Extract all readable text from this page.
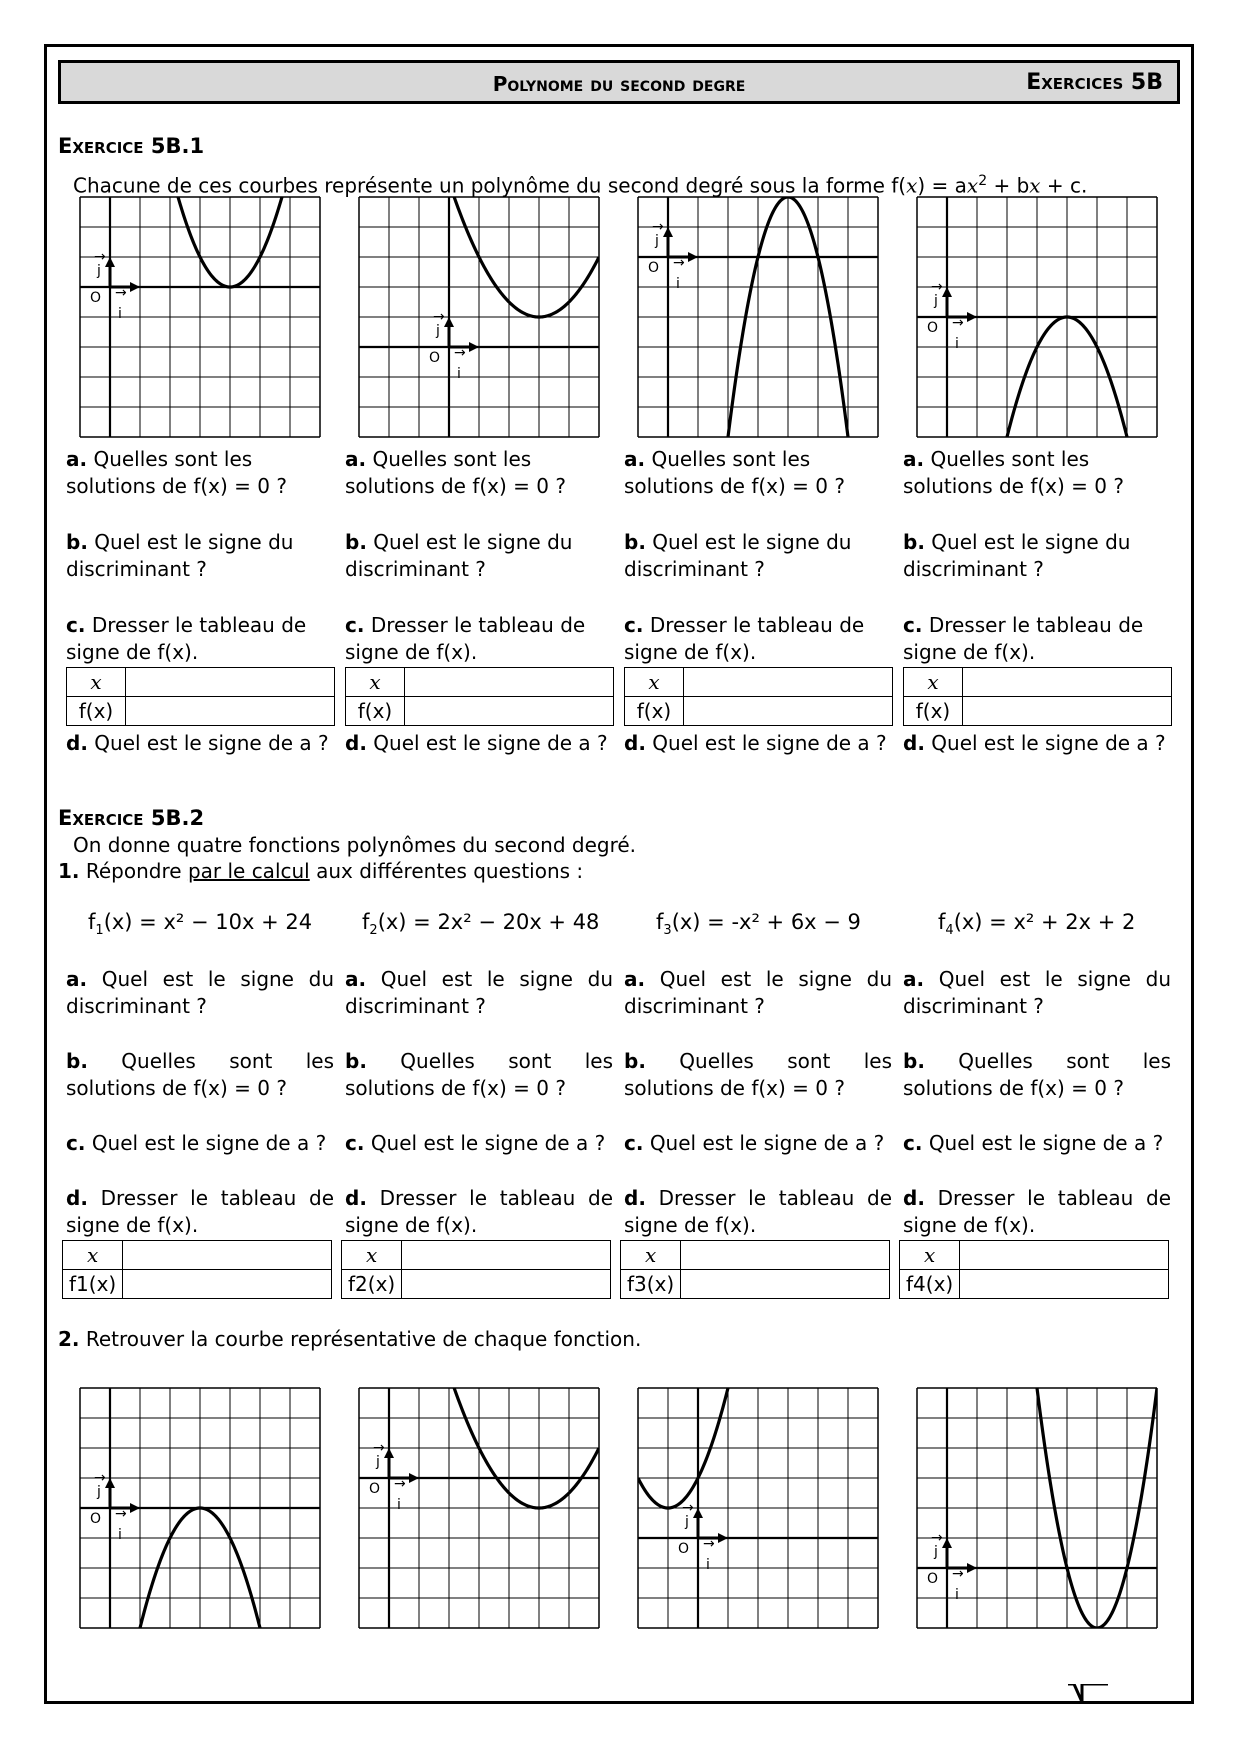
Polynome du second degre	Exercices 5B
Exercice 5B.1
Chacune de ces courbes représente un polynôme du second degré sous la forme $f(x) = ax^2$ + bx + c.
O →
i
→
j
O →
i
→
j
O →
i
→
j
O →
i
→
j
a. Quelles sont les
solutions de f(x) = 0 ?
b. Quel est le signe du
discriminant ?
c. Dresser le tableau de
signe de f(x).
x	
f(x)	
d. Quel est le signe de a ?
a. Quelles sont les
solutions de f(x) = 0 ?
b. Quel est le signe du
discriminant ?
c. Dresser le tableau de
signe de f(x).
x	
f(x)	
d. Quel est le signe de a ?
a. Quelles sont les
solutions de f(x) = 0 ?
b. Quel est le signe du
discriminant ?
c. Dresser le tableau de
signe de f(x).
x	
f(x)	
d. Quel est le signe de a ?
a. Quelles sont les
solutions de f(x) = 0 ?
b. Quel est le signe du
discriminant ?
c. Dresser le tableau de
signe de f(x).
x	
f(x)	
d. Quel est le signe de a ?
Exercice 5B.2
On donne quatre fonctions polynômes du second degré.
1. Répondre par le calcul aux différentes questions :
$f_1(x) = x^2 - 10x + 24$ $f_2(x) = 2x^2 - 20x + 48$	$f_3(x) = -x^2 + 6x - 9$	$f_4(x) = x^2 + 2x + 2$
a. Quel est le signe du
discriminant ?
b. Quelles sont les
solutions de f(x) = 0 ?
c. Quel est le signe de a ?
d. Dresser le tableau de
signe de f(x).
x	
f1(x)	
a. Quel est le signe du
discriminant ?
b. Quelles sont les
solutions de f(x) = 0 ?
c. Quel est le signe de a ?
d. Dresser le tableau de
signe de f(x).
x	
f2(x)	
a. Quel est le signe du
discriminant ?
b. Quelles sont les
solutions de f(x) = 0 ?
c. Quel est le signe de a ?
d. Dresser le tableau de
signe de f(x).
x	
f3(x)	
a. Quel est le signe du
discriminant ?
b. Quelles sont les
solutions de f(x) = 0 ?
c. Quel est le signe de a ?
d. Dresser le tableau de
signe de f(x).
x	
f4(x)	
2. Retrouver la courbe représentative de chaque fonction.
O →
i
→
j	O →
i
→
j
O →
i
→
j
O →
i
→
j
